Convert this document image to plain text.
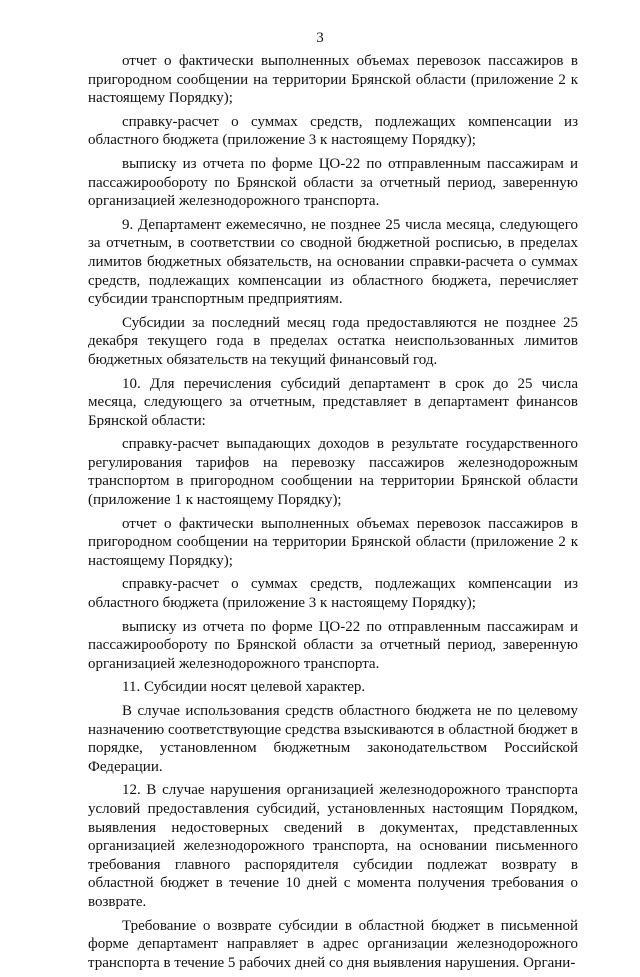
3

отчет о фактически выполненных объемах перевозок пассажиров в пригородном сообщении на территории Брянской области (приложение 2 к настоящему Порядку);

справку-расчет о суммах средств, подлежащих компенсации из областного бюджета (приложение 3 к настоящему Порядку);

выписку из отчета по форме ЦО-22 по отправленным пассажирам и пассажирообороту по Брянской области за отчетный период, заверенную организацией железнодорожного транспорта.

9. Департамент ежемесячно, не позднее 25 числа месяца, следующего за отчетным, в соответствии со сводной бюджетной росписью, в пределах лимитов бюджетных обязательств, на основании справки-расчета о суммах средств, подлежащих компенсации из областного бюджета, перечисляет субсидии транспортным предприятиям.

Субсидии за последний месяц года предоставляются не позднее 25 декабря текущего года в пределах остатка неиспользованных лимитов бюджетных обязательств на текущий финансовый год.

10. Для перечисления субсидий департамент в срок до 25 числа месяца, следующего за отчетным, представляет в департамент финансов Брянской области:

справку-расчет выпадающих доходов в результате государственного регулирования тарифов на перевозку пассажиров железнодорожным транспортом в пригородном сообщении на территории Брянской области (приложение 1 к настоящему Порядку);

отчет о фактически выполненных объемах перевозок пассажиров в пригородном сообщении на территории Брянской области (приложение 2 к настоящему Порядку);

справку-расчет о суммах средств, подлежащих компенсации из областного бюджета (приложение 3 к настоящему Порядку);

выписку из отчета по форме ЦО-22 по отправленным пассажирам и пассажирообороту по Брянской области за отчетный период, заверенную организацией железнодорожного транспорта.

11. Субсидии носят целевой характер.

В случае использования средств областного бюджета не по целевому назначению соответствующие средства взыскиваются в областной бюджет в порядке, установленном бюджетным законодательством Российской Федерации.

12. В случае нарушения организацией железнодорожного транспорта условий предоставления субсидий, установленных настоящим Порядком, выявления недостоверных сведений в документах, представленных организацией железнодорожного транспорта, на основании письменного требования главного распорядителя субсидии подлежат возврату в областной бюджет в течение 10 дней с момента получения требования о возврате.

Требование о возврате субсидии в областной бюджет в письменной форме департамент направляет в адрес организации железнодорожного транспорта в течение 5 рабочих дней со дня выявления нарушения. Органи-
